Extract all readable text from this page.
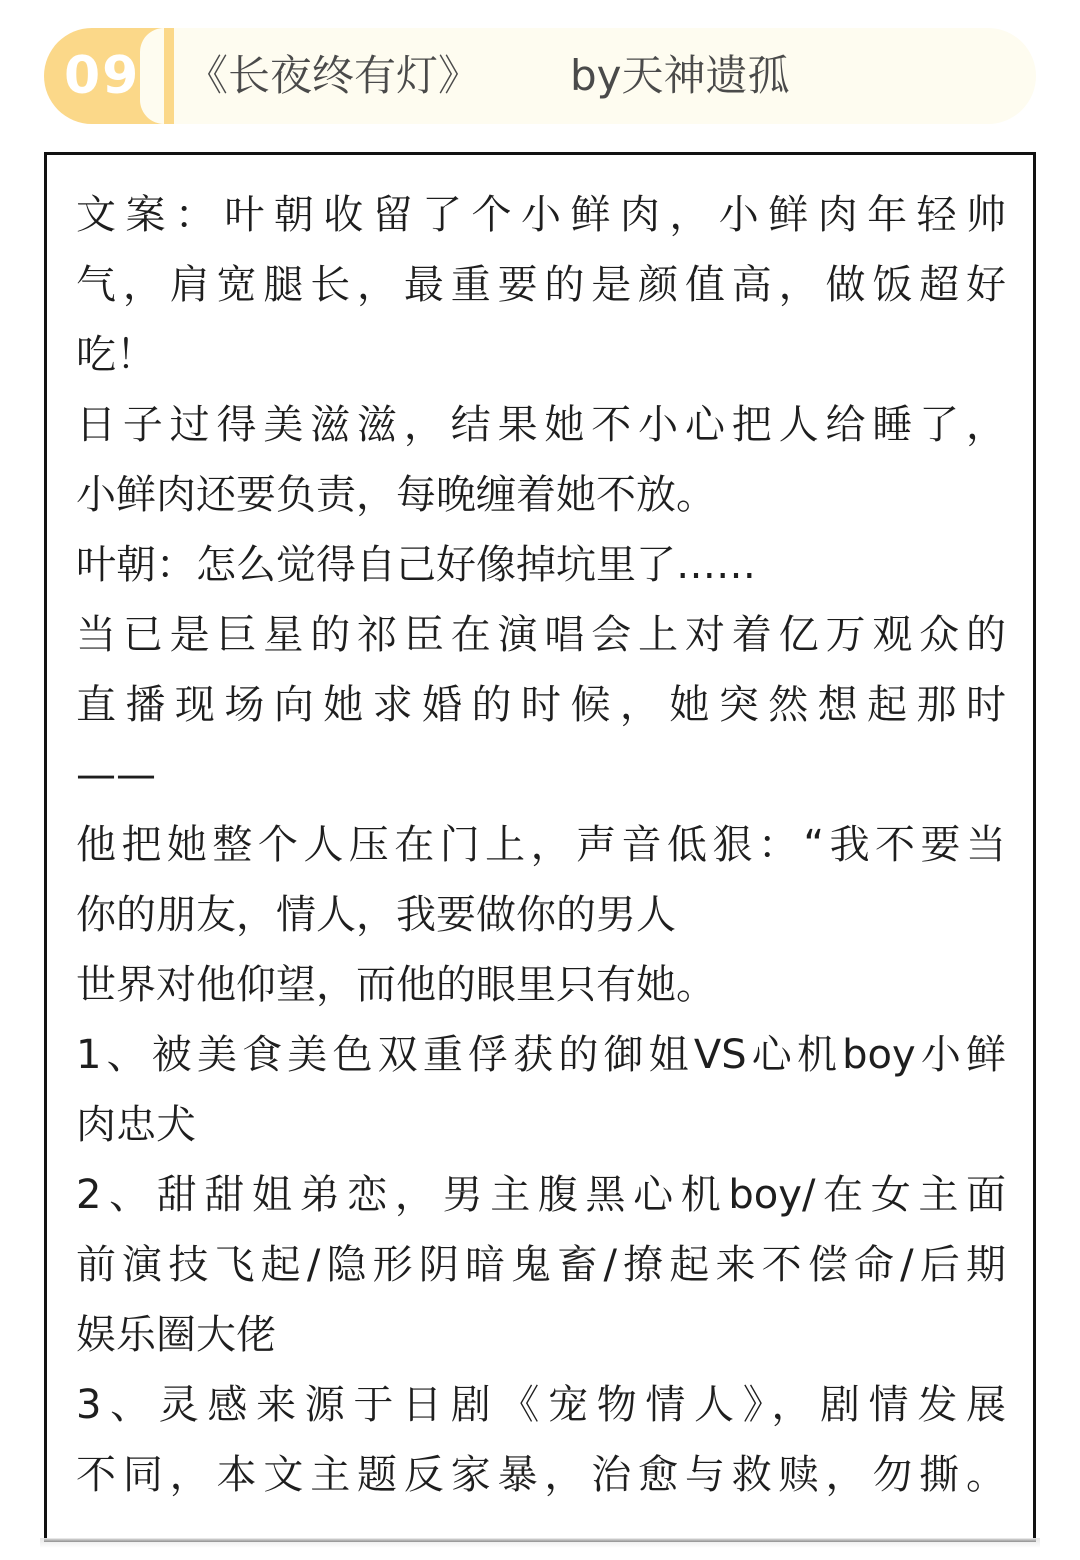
09 《长夜终有灯》 by天神遗孤
文案：叶朝收留了个小鲜肉，小鲜肉年轻帅
气，肩宽腿长，最重要的是颜值高，做饭超好
吃！
日子过得美滋滋，结果她不小心把人给睡了，
小鲜肉还要负责，每晚缠着她不放。
叶朝：怎么觉得自己好像掉坑里了……
当已是巨星的祁臣在演唱会上对着亿万观众的
直播现场向她求婚的时候，她突然想起那时
——
他把她整个人压在门上，声音低狠：“我不要当
你的朋友，情人，我要做你的男人
世界对他仰望，而他的眼里只有她。
1、被美食美色双重俘获的御姐VS心机boy小鲜
肉忠犬
2、甜甜姐弟恋，男主腹黑心机boy/在女主面
前演技飞起/隐形阴暗鬼畜/撩起来不偿命/后期
娱乐圈大佬
3、灵感来源于日剧《宠物情人》，剧情发展
不同，本文主题反家暴，治愈与救赎，勿撕。
